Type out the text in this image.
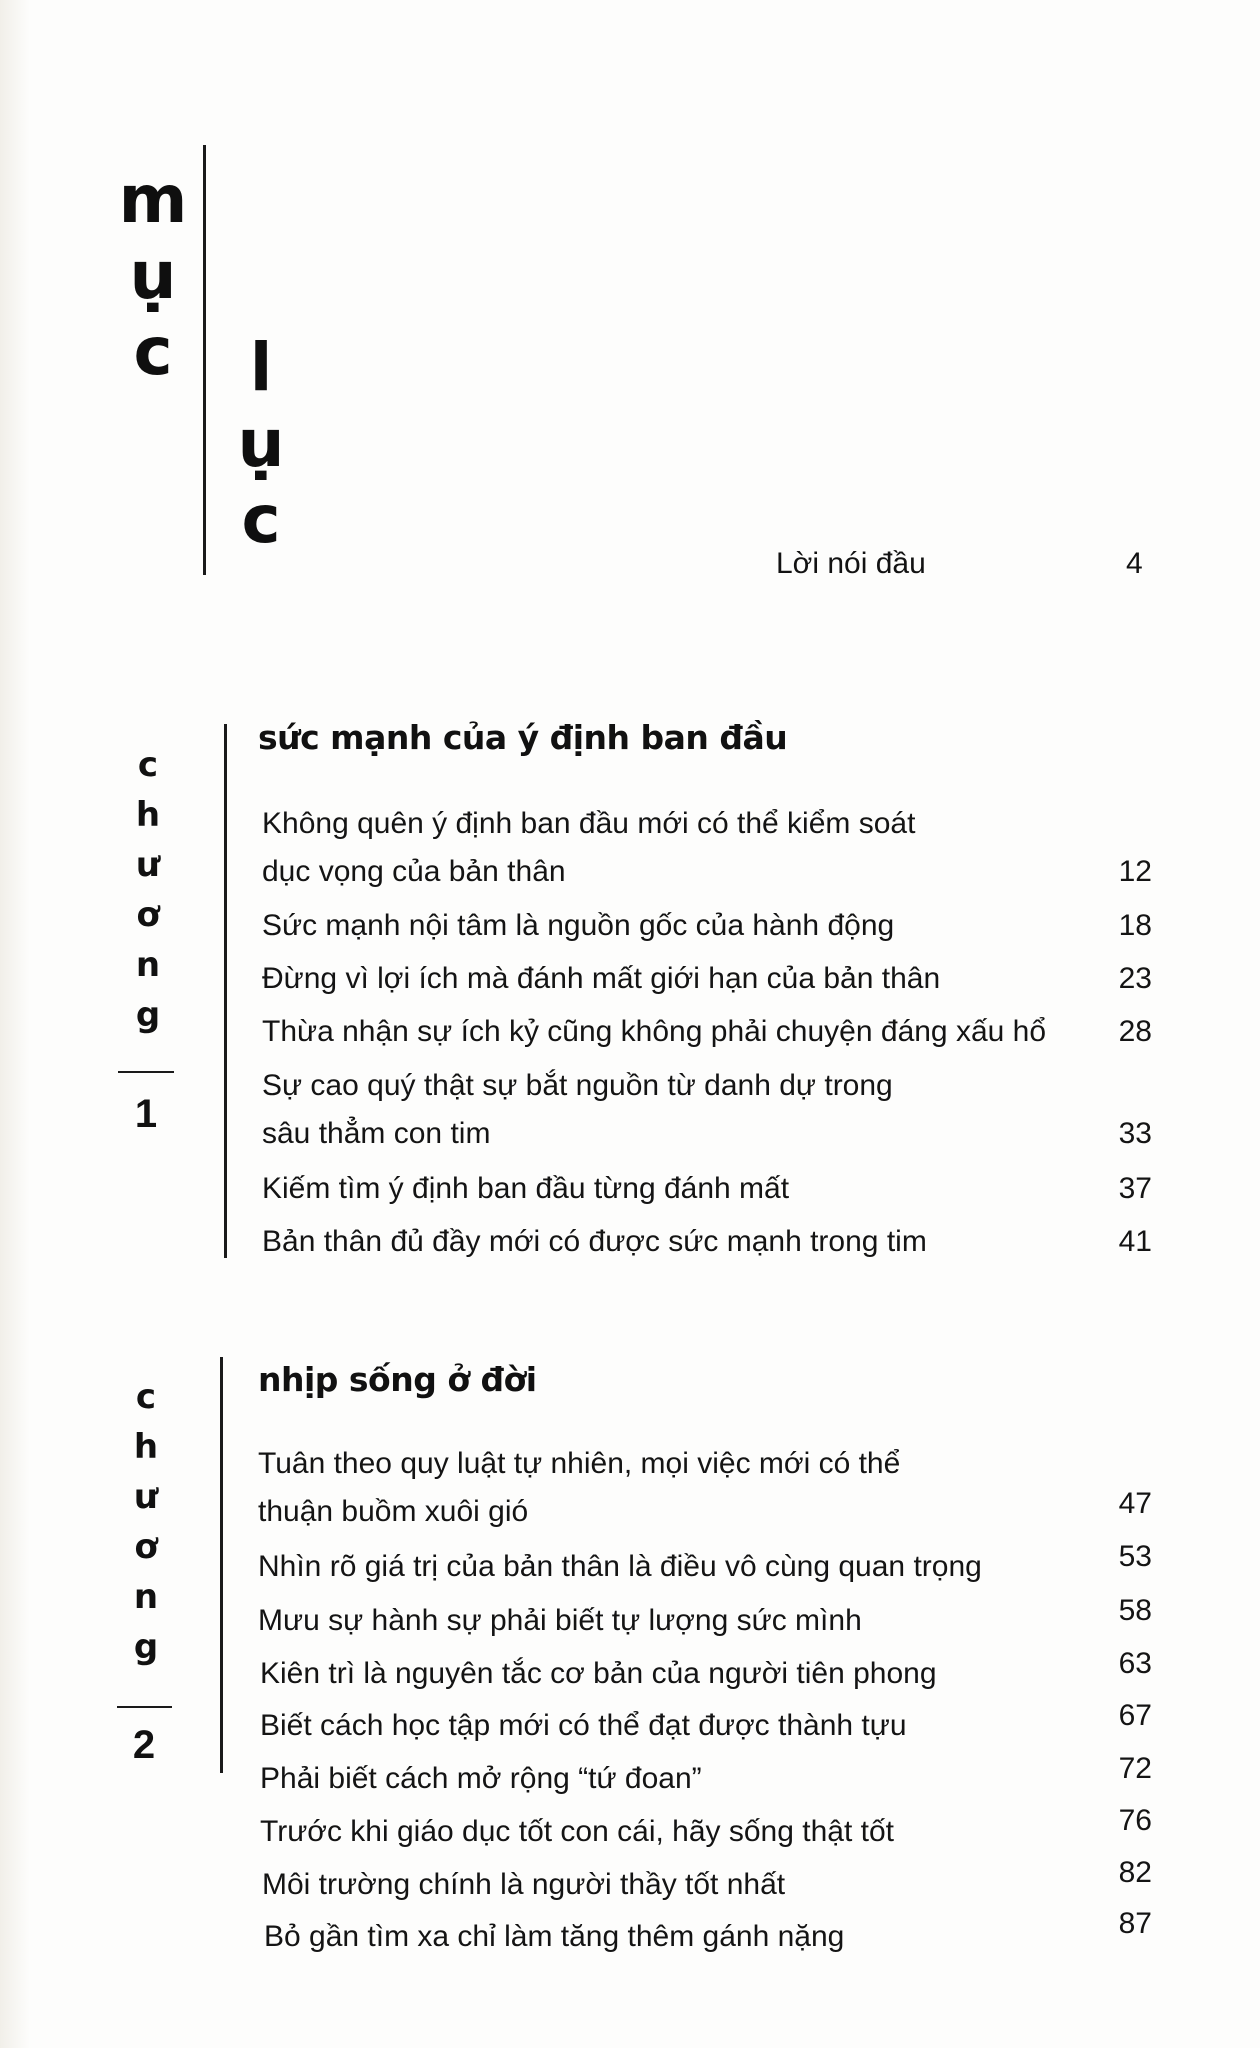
m
ụ
c l
ụ
c
Lời nói đầu	4
c
h
ư
ơ
n
g
1
sức mạnh của ý định ban đầu
Không quên ý định ban đầu mới có thể kiểm soát
dục vọng của bản thân	12
Sức mạnh nội tâm là nguồn gốc của hành động	18
Đừng vì lợi ích mà đánh mất giới hạn của bản thân	23
Thừa nhận sự ích kỷ cũng không phải chuyện đáng xấu hổ	28
Sự cao quý thật sự bắt nguồn từ danh dự trong
sâu thẳm con tim	33
Kiếm tìm ý định ban đầu từng đánh mất	37
Bản thân đủ đầy mới có được sức mạnh trong tim	41
c
h
ư
ơ
n
g
2
nhịp sống ở đời
Tuân theo quy luật tự nhiên, mọi việc mới có thể
thuận buồm xuôi gió	47
Nhìn rõ giá trị của bản thân là điều vô cùng quan trọng	53
Mưu sự hành sự phải biết tự lượng sức mình	58
Kiên trì là nguyên tắc cơ bản của người tiên phong	63
Biết cách học tập mới có thể đạt được thành tựu	67
Phải biết cách mở rộng “tứ đoan”	72
Trước khi giáo dục tốt con cái, hãy sống thật tốt	76
Môi trường chính là người thầy tốt nhất	82
Bỏ gần tìm xa chỉ làm tăng thêm gánh nặng	87
